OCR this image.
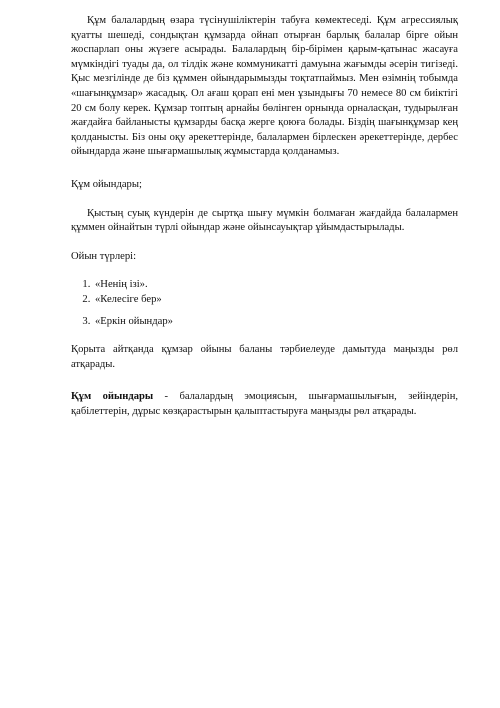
Құм балалардың өзара түсінушіліктерін табуға көмектеседі. Құм агрессиялық қуатты шешеді, сондықтан құмзарда ойнап отырған барлық балалар бірге ойын жоспарлап оны жүзеге асырады. Балалардың бір-бірімен қарым-қатынас жасауға мүмкіндігі туады да, ол тілдік және коммуникатті дамуына жағымды әсерін тигізеді. Қыс мезгілінде де біз құммен ойындарымызды тоқтатпаймыз. Мен өзімнің тобымда «шағынқұмзар» жасадық. Ол ағаш қорап ені мен ұзындығы 70 немесе 80 см биіктігі 20 см болу керек. Құмзар топтың арнайы бөлінген орнында орналасқан, тудырылған жағдайға байланысты құмзарды басқа жерге қоюға болады. Біздің шағынқұмзар кең қолданысты. Біз оны оқу әрекеттерінде, балалармен бірлескен әрекеттерінде, дербес ойындарда және шығармашылық жұмыстарда қолданамыз.

Құм ойындары;

Қыстың суық күндерін де сыртқа шығу мүмкін болмаған жағдайда балалармен құммен ойнайтын түрлі ойындар және ойынсауықтар ұйымдастырылады.

Ойын түрлері:

1. «Ненің ізі».
2. «Келесіге бер»
3. «Еркін ойындар»

Қорыта айтқанда құмзар ойыны баланы тәрбиелеуде дамытуда маңызды рөл атқарады.

Құм ойындары - балалардың эмоциясын, шығармашылығын, зейіндерін, қабілеттерін, дұрыс көзқарастырын қалыптастыруға маңызды рөл атқарады.
